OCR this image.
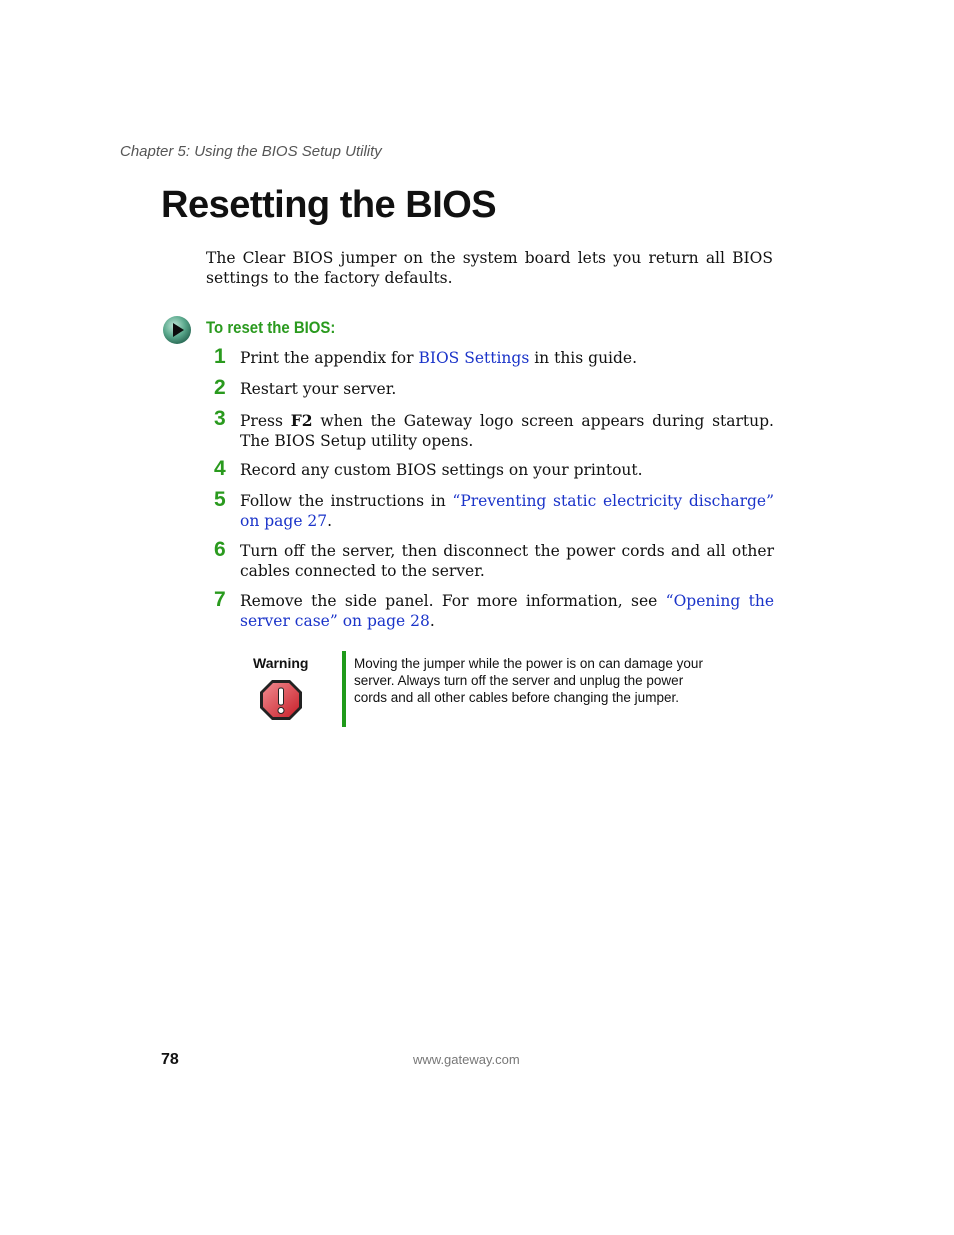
Chapter 5: Using the BIOS Setup Utility
Resetting the BIOS
The Clear BIOS jumper on the system board lets you return all BIOS settings to the factory defaults.
To reset the BIOS:
1 Print the appendix for BIOS Settings in this guide.
2 Restart your server.
3 Press F2 when the Gateway logo screen appears during startup. The BIOS Setup utility opens.
4 Record any custom BIOS settings on your printout.
5 Follow the instructions in “Preventing static electricity discharge” on page 27.
6 Turn off the server, then disconnect the power cords and all other cables connected to the server.
7 Remove the side panel. For more information, see “Opening the server case” on page 28.
Warning	Moving the jumper while the power is on can damage your server. Always turn off the server and unplug the power cords and all other cables before changing the jumper.
78	www.gateway.com
